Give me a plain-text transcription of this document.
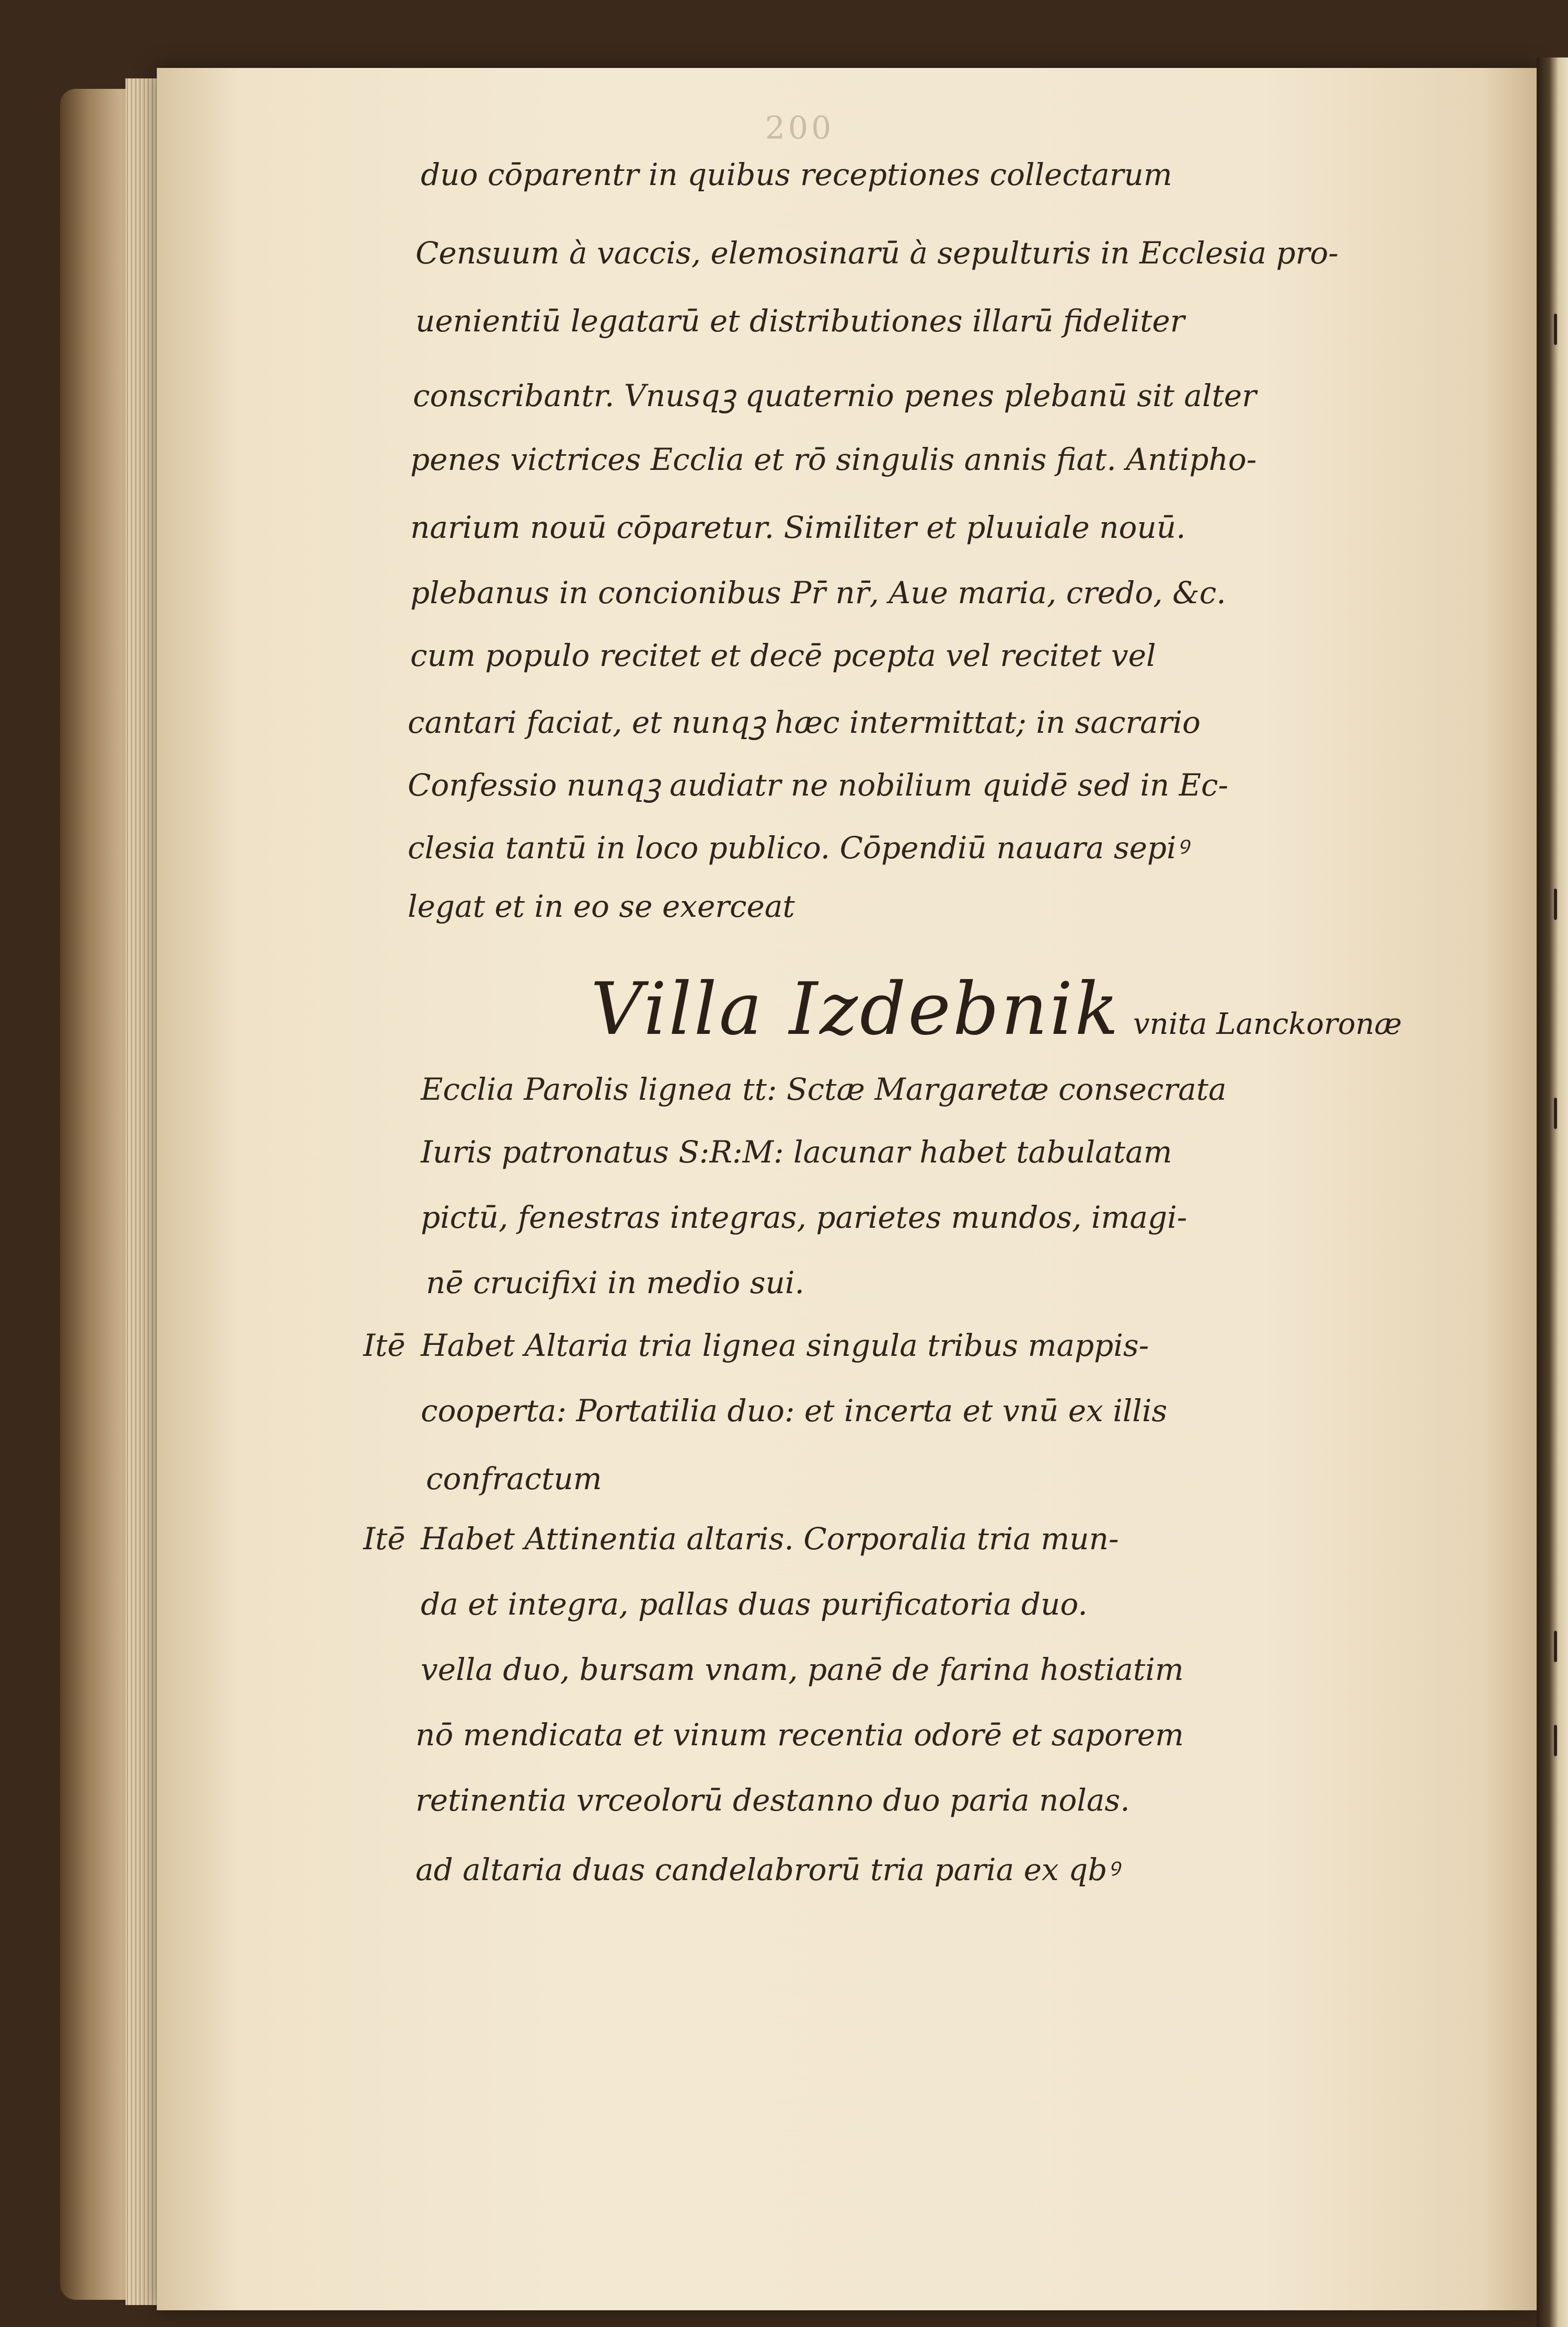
200
duo cōparentr in quibus receptiones collectarum
Censuum à vaccis, elemosinarū à sepulturis in Ecclesia pro-
uenientiū legatarū et distributiones illarū fideliter
conscribantr. Vnusqꝫ quaternio penes plebanū sit alter
penes victrices Ecclia et rō singulis annis fiat. Antipho-
narium nouū cōparetur. Similiter et pluuiale nouū.
plebanus in concionibus Pr̄ nr̄, Aue maria, credo, &c.
cum populo recitet et decē pcepta vel recitet vel
cantari faciat, et nunqꝫ hæc intermittat; in sacrario
Confessio nunqꝫ audiatr ne nobilium quidē sed in Ec-
clesia tantū in loco publico. Cōpendiū nauara sepiꝰ
legat et in eo se exerceat
Ecclia Parolis lignea tt: Sctæ Margaretæ consecrata
Iuris patronatus S:R:M: lacunar habet tabulatam
pictū, fenestras integras, parietes mundos, imagi-
nē crucifixi in medio sui.
Itē Habet Altaria tria lignea singula tribus mappis-
cooperta: Portatilia duo: et incerta et vnū ex illis
confractum
Itē Habet Attinentia altaris. Corporalia tria mun-
da et integra, pallas duas purificatoria duo.
vella duo, bursam vnam, panē de farina hostiatim
nō mendicata et vinum recentia odorē et saporem
retinentia vrceolorū destanno duo paria nolas.
ad altaria duas candelabrorū tria paria ex qbꝰ
Villa Izdebnik vnita Lanckoronæ
